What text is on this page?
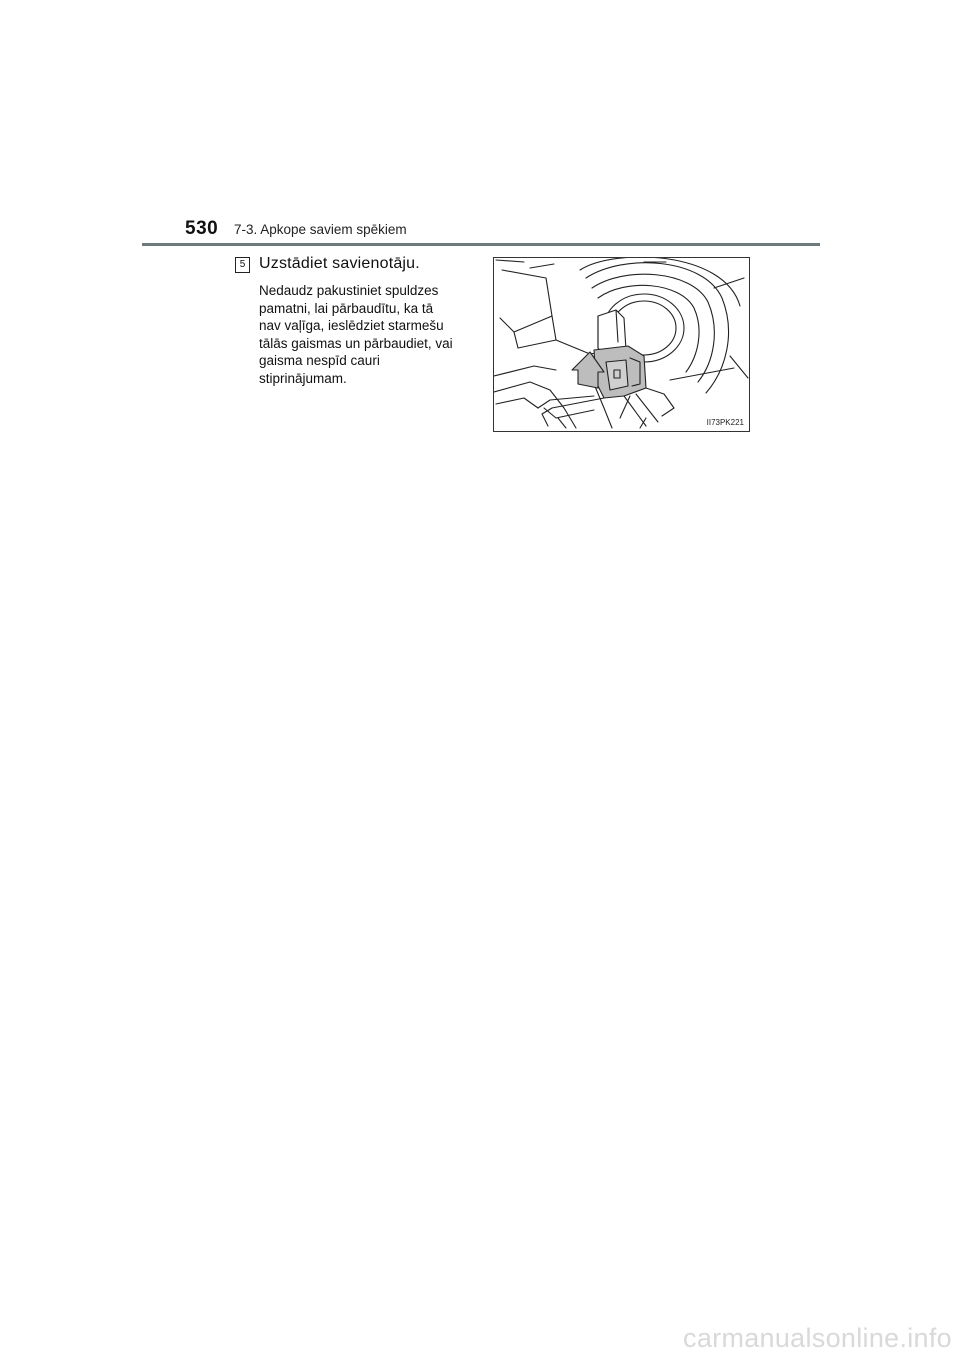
530 7-3. Apkope saviem spēkiem
5 Uzstādiet savienotāju.
Nedaudz pakustiniet spuldzes
pamatni, lai pārbaudītu, ka tā
nav vaļīga, ieslēdziet starmešu
tālās gaismas un pārbaudiet, vai
gaisma nespīd cauri
stiprinājumam.
II73PK221
carmanualsonline.info
